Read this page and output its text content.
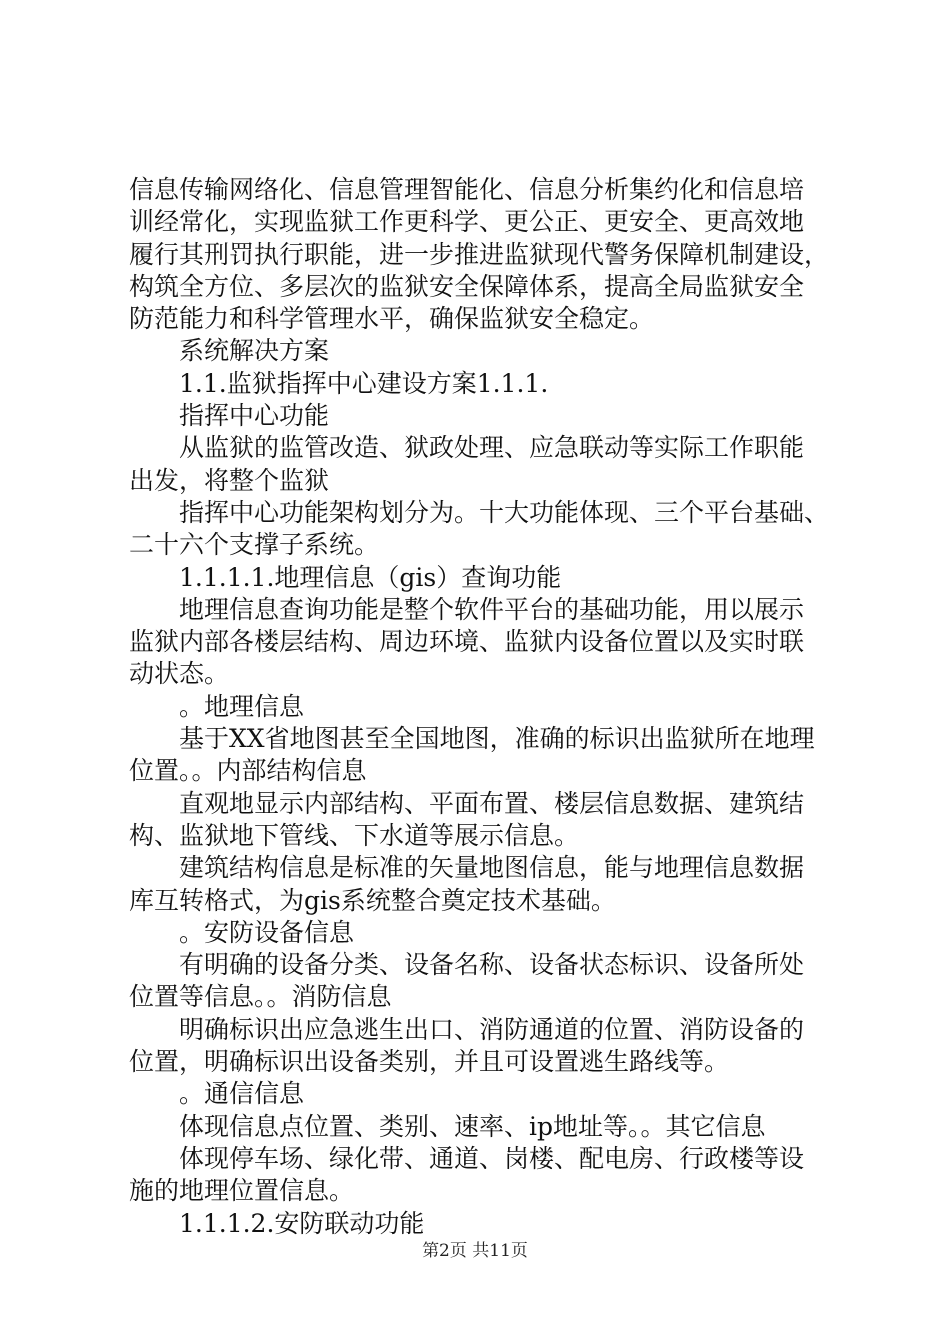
信息传输网络化、信息管理智能化、信息分析集约化和信息培

训经常化，实现监狱工作更科学、更公正、更安全、更高效地

履行其刑罚执行职能，进一步推进监狱现代警务保障机制建设，

构筑全方位、多层次的监狱安全保障体系，提高全局监狱安全

防范能力和科学管理水平，确保监狱安全稳定。

系统解决方案

1.1.监狱指挥中心建设方案1.1.1.

指挥中心功能

从监狱的监管改造、狱政处理、应急联动等实际工作职能

出发，将整个监狱

指挥中心功能架构划分为。十大功能体现、三个平台基础、

二十六个支撑子系统。

1.1.1.1.地理信息（gis）查询功能

地理信息查询功能是整个软件平台的基础功能，用以展示

监狱内部各楼层结构、周边环境、监狱内设备位置以及实时联

动状态。

。地理信息

基于XX省地图甚至全国地图，准确的标识出监狱所在地理

位置。。内部结构信息

直观地显示内部结构、平面布置、楼层信息数据、建筑结

构、监狱地下管线、下水道等展示信息。

建筑结构信息是标准的矢量地图信息，能与地理信息数据

库互转格式，为gis系统整合奠定技术基础。

。安防设备信息

有明确的设备分类、设备名称、设备状态标识、设备所处

位置等信息。。消防信息

明确标识出应急逃生出口、消防通道的位置、消防设备的

位置，明确标识出设备类别，并且可设置逃生路线等。

。通信信息

体现信息点位置、类别、速率、ip地址等。。其它信息

体现停车场、绿化带、通道、岗楼、配电房、行政楼等设

施的地理位置信息。

1.1.1.2.安防联动功能

第2页 共11页
